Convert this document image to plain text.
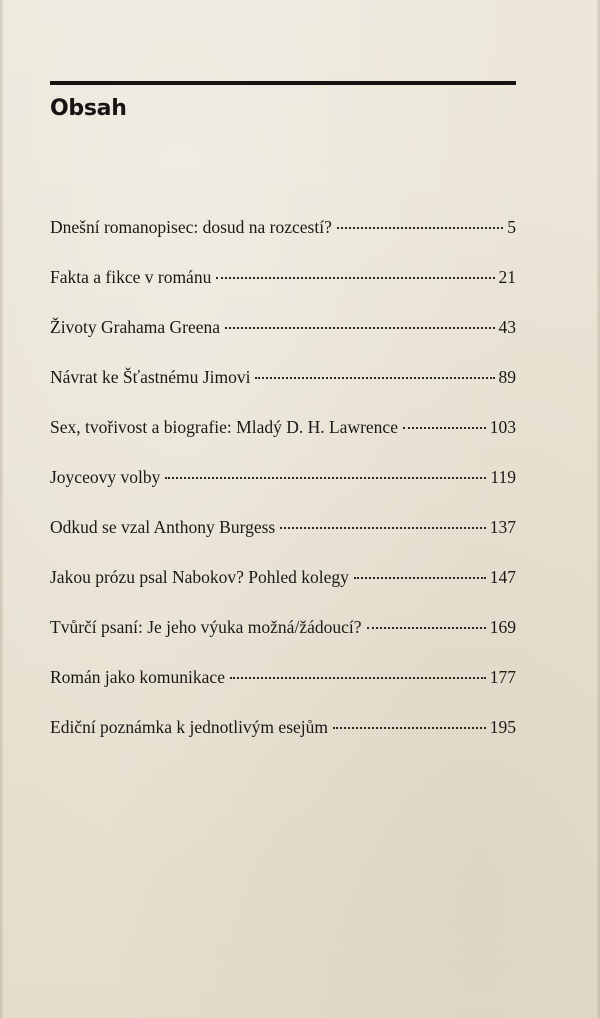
Obsah
Dnešní romanopisec: dosud na rozcestí?	5
Fakta a fikce v románu	21
Životy Grahama Greena	43
Návrat ke Šťastnému Jimovi	89
Sex, tvořivost a biografie: Mladý D. H. Lawrence	103
Joyceovy volby	119
Odkud se vzal Anthony Burgess	137
Jakou prózu psal Nabokov? Pohled kolegy	147
Tvůrčí psaní: Je jeho výuka možná/žádoucí?	169
Román jako komunikace	177
Ediční poznámka k jednotlivým esejům	195
